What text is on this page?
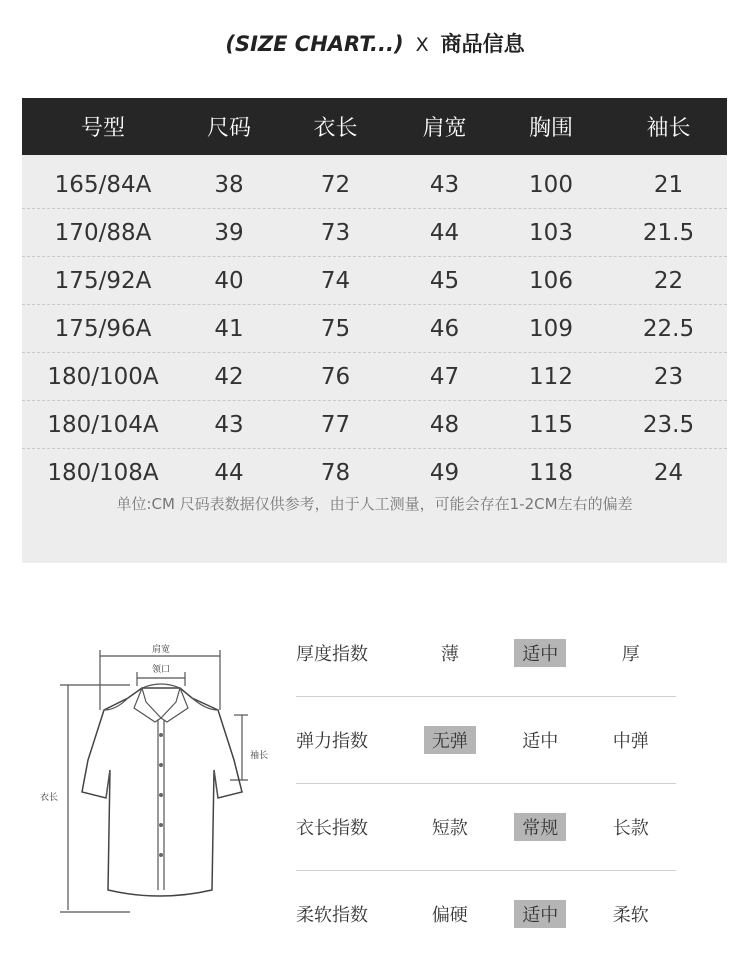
(SIZE CHART...) X 商品信息
号型	尺码	衣长	肩宽	胸围	袖长
165/84A	38	72	43	100	21
170/88A	39	73	44	103	21.5
175/92A	40	74	45	106	22
175/96A	41	75	46	109	22.5
180/100A	42	76	47	112	23
180/104A	43	77	48	115	23.5
180/108A	44	78	49	118	24
单位:CM 尺码表数据仅供参考，由于人工测量，可能会存在1-2CM左右的偏差
肩宽
领口
袖长
衣长
厚度指数	薄	适中	厚
弹力指数	无弹	适中	中弹
衣长指数	短款	常规	长款
柔软指数	偏硬	适中	柔软
